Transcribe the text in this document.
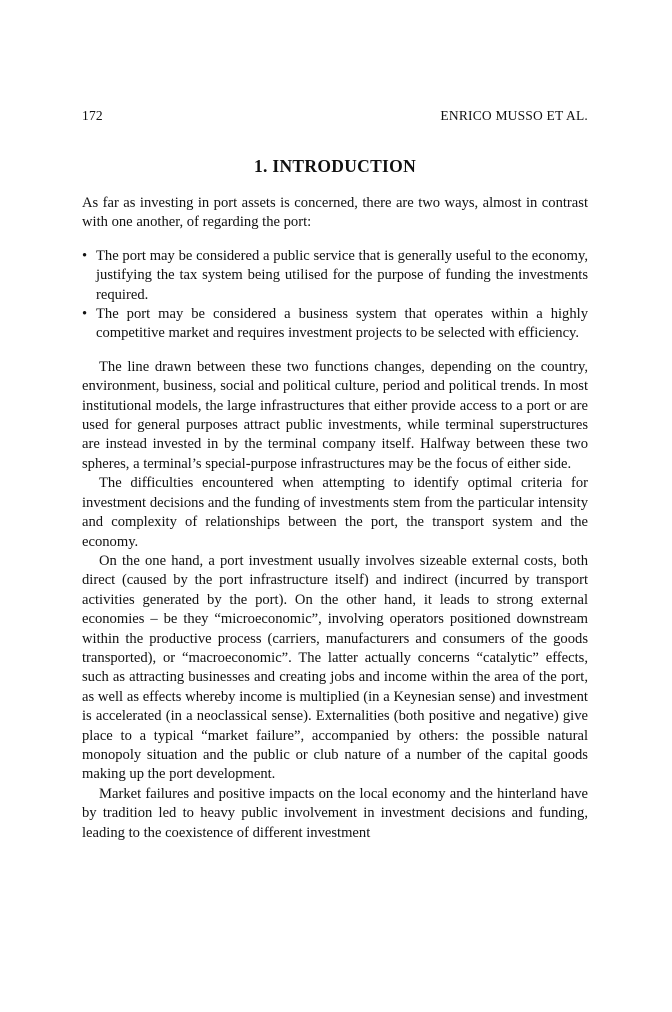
172	ENRICO MUSSO ET AL.
1. INTRODUCTION

As far as investing in port assets is concerned, there are two ways, almost in contrast with one another, of regarding the port:

• The port may be considered a public service that is generally useful to the economy, justifying the tax system being utilised for the purpose of funding the investments required.
• The port may be considered a business system that operates within a highly competitive market and requires investment projects to be selected with efficiency.

The line drawn between these two functions changes, depending on the country, environment, business, social and political culture, period and political trends. In most institutional models, the large infrastructures that either provide access to a port or are used for general purposes attract public investments, while terminal superstructures are instead invested in by the terminal company itself. Halfway between these two spheres, a terminal’s special-purpose infrastructures may be the focus of either side.

The difficulties encountered when attempting to identify optimal criteria for investment decisions and the funding of investments stem from the particular intensity and complexity of relationships between the port, the transport system and the economy.

On the one hand, a port investment usually involves sizeable external costs, both direct (caused by the port infrastructure itself) and indirect (incurred by transport activities generated by the port). On the other hand, it leads to strong external economies – be they “microeconomic”, involving operators positioned downstream within the productive process (carriers, manufacturers and consumers of the goods transported), or “macroeconomic”. The latter actually concerns “catalytic” effects, such as attracting businesses and creating jobs and income within the area of the port, as well as effects whereby income is multiplied (in a Keynesian sense) and investment is accelerated (in a neoclassical sense). Externalities (both positive and negative) give place to a typical “market failure”, accompanied by others: the possible natural monopoly situation and the public or club nature of a number of the capital goods making up the port development.

Market failures and positive impacts on the local economy and the hinterland have by tradition led to heavy public involvement in investment decisions and funding, leading to the coexistence of different investment
